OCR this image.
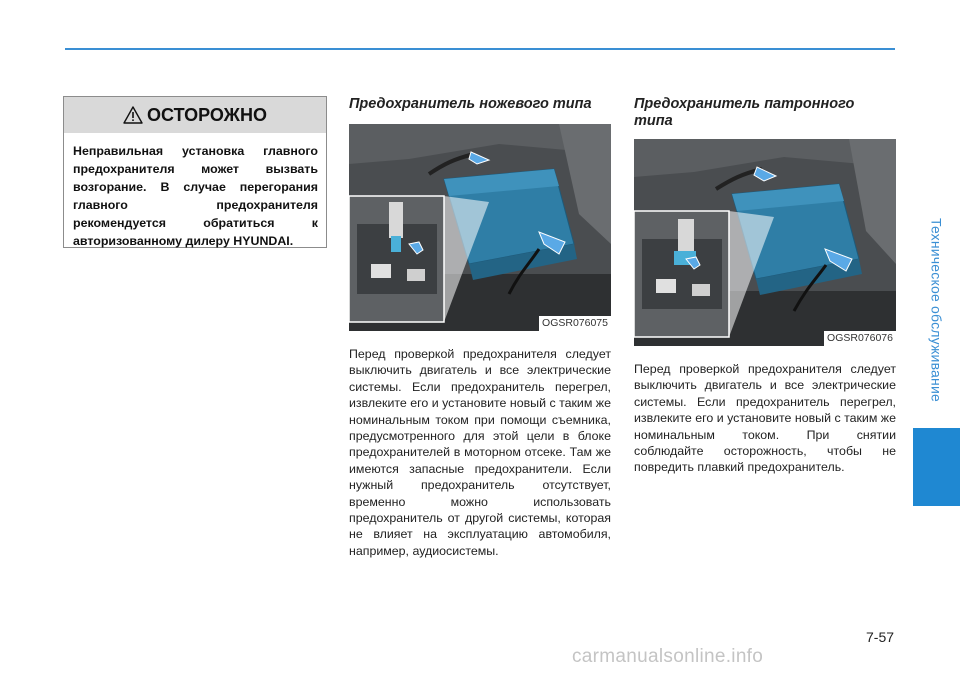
Техническое обслуживание
ОСТОРОЖНО
Неправильная установка главного предохранителя может вызвать возгорание. В случае перегорания главного предохранителя рекомендуется обратиться к авторизованному дилеру HYUNDAI.
Предохранитель ножевого типа
OGSR076075

Перед проверкой предохранителя следует выключить двигатель и все электрические системы. Если предохранитель перегрел, извлеките его и установите новый с таким же номинальным током при помощи съемника, предусмотренного для этой цели в блоке предохранителей в моторном отсеке. Там же имеются запасные предохранители. Если нужный предохранитель отсутствует, временно можно использовать предохранитель от другой системы, которая не влияет на эксплуатацию автомобиля, например, аудиосистемы.

Предохранитель патронного типа
OGSR076076

Перед проверкой предохранителя следует выключить двигатель и все электрические системы. Если предохранитель перегрел, извлеките его и установите новый с таким же номинальным током. При снятии соблюдайте осторожность, чтобы не повредить плавкий предохранитель.

7-57
carmanualsonline.info
